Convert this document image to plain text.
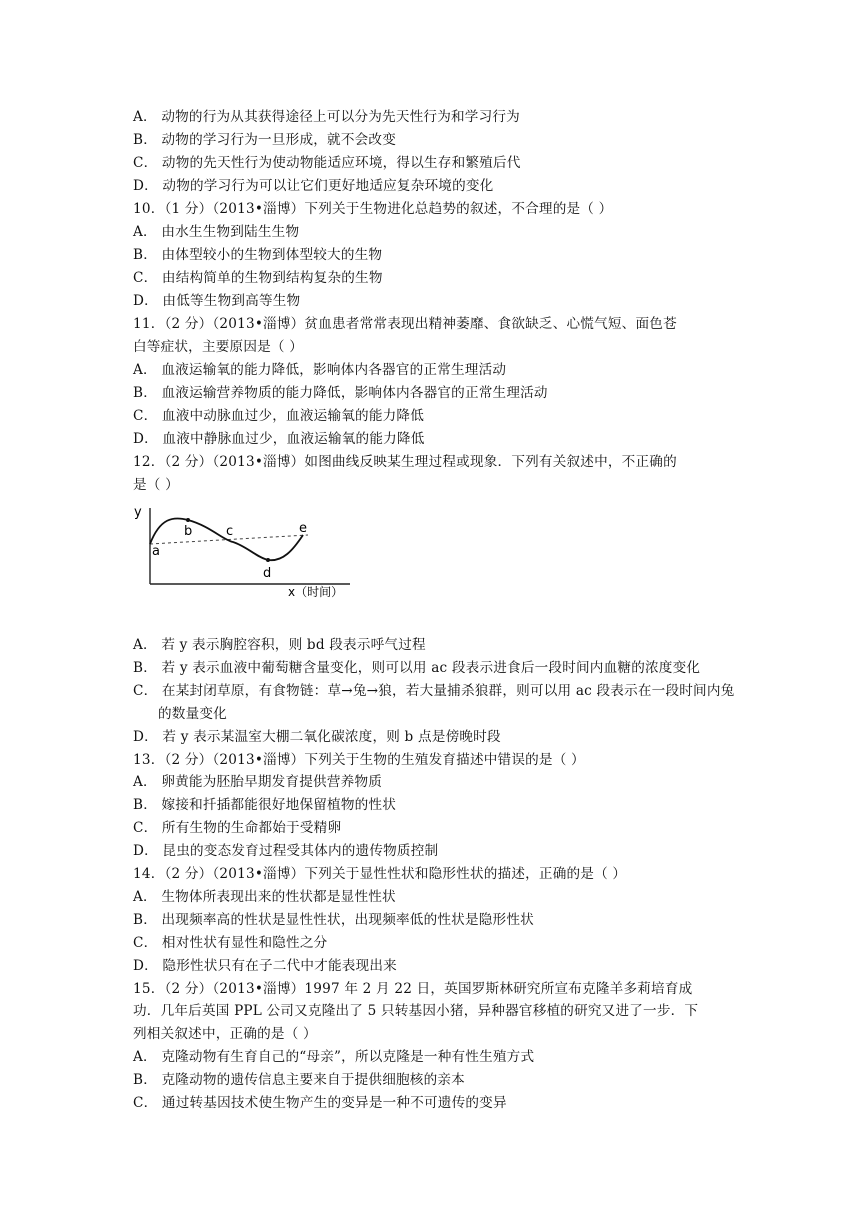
A． 动物的行为从其获得途径上可以分为先天性行为和学习行为
B． 动物的学习行为一旦形成，就不会改变
C． 动物的先天性行为使动物能适应环境，得以生存和繁殖后代
D． 动物的学习行为可以让它们更好地适应复杂环境的变化
10．（1 分）（2013•淄博）下列关于生物进化总趋势的叙述，不合理的是（ ）
A． 由水生生物到陆生生物
B． 由体型较小的生物到体型较大的生物
C． 由结构简单的生物到结构复杂的生物
D． 由低等生物到高等生物
11．（2 分）（2013•淄博）贫血患者常常表现出精神萎靡、食欲缺乏、心慌气短、面色苍
白等症状，主要原因是（ ）
A． 血液运输氧的能力降低，影响体内各器官的正常生理活动
B． 血液运输营养物质的能力降低，影响体内各器官的正常生理活动
C． 血液中动脉血过少，血液运输氧的能力降低
D． 血液中静脉血过少，血液运输氧的能力降低
12．（2 分）（2013•淄博）如图曲线反映某生理过程或现象．下列有关叙述中，不正确的
是（ ）
y
x（时间）
a
b	c
d
e
A． 若 y 表示胸腔容积，则 bd 段表示呼气过程
B． 若 y 表示血液中葡萄糖含量变化，则可以用 ac 段表示进食后一段时间内血糖的浓度变化
C． 在某封闭草原，有食物链：草→兔→狼，若大量捕杀狼群，则可以用 ac 段表示在一段时间内兔
的数量变化
D． 若 y 表示某温室大棚二氧化碳浓度，则 b 点是傍晚时段
13．（2 分）（2013•淄博）下列关于生物的生殖发育描述中错误的是（ ）
A． 卵黄能为胚胎早期发育提供营养物质
B． 嫁接和扦插都能很好地保留植物的性状
C． 所有生物的生命都始于受精卵
D． 昆虫的变态发育过程受其体内的遗传物质控制
14．（2 分）（2013•淄博）下列关于显性性状和隐形性状的描述，正确的是（ ）
A． 生物体所表现出来的性状都是显性性状
B． 出现频率高的性状是显性性状，出现频率低的性状是隐形性状
C． 相对性状有显性和隐性之分
D． 隐形性状只有在子二代中才能表现出来
15．（2 分）（2013•淄博）1997 年 2 月 22 日，英国罗斯林研究所宣布克隆羊多莉培育成
功．几年后英国 PPL 公司又克隆出了 5 只转基因小猪，异种器官移植的研究又进了一步．下
列相关叙述中，正确的是（ ）
A． 克隆动物有生育自己的“母亲”，所以克隆是一种有性生殖方式
B． 克隆动物的遗传信息主要来自于提供细胞核的亲本
C． 通过转基因技术使生物产生的变异是一种不可遗传的变异
